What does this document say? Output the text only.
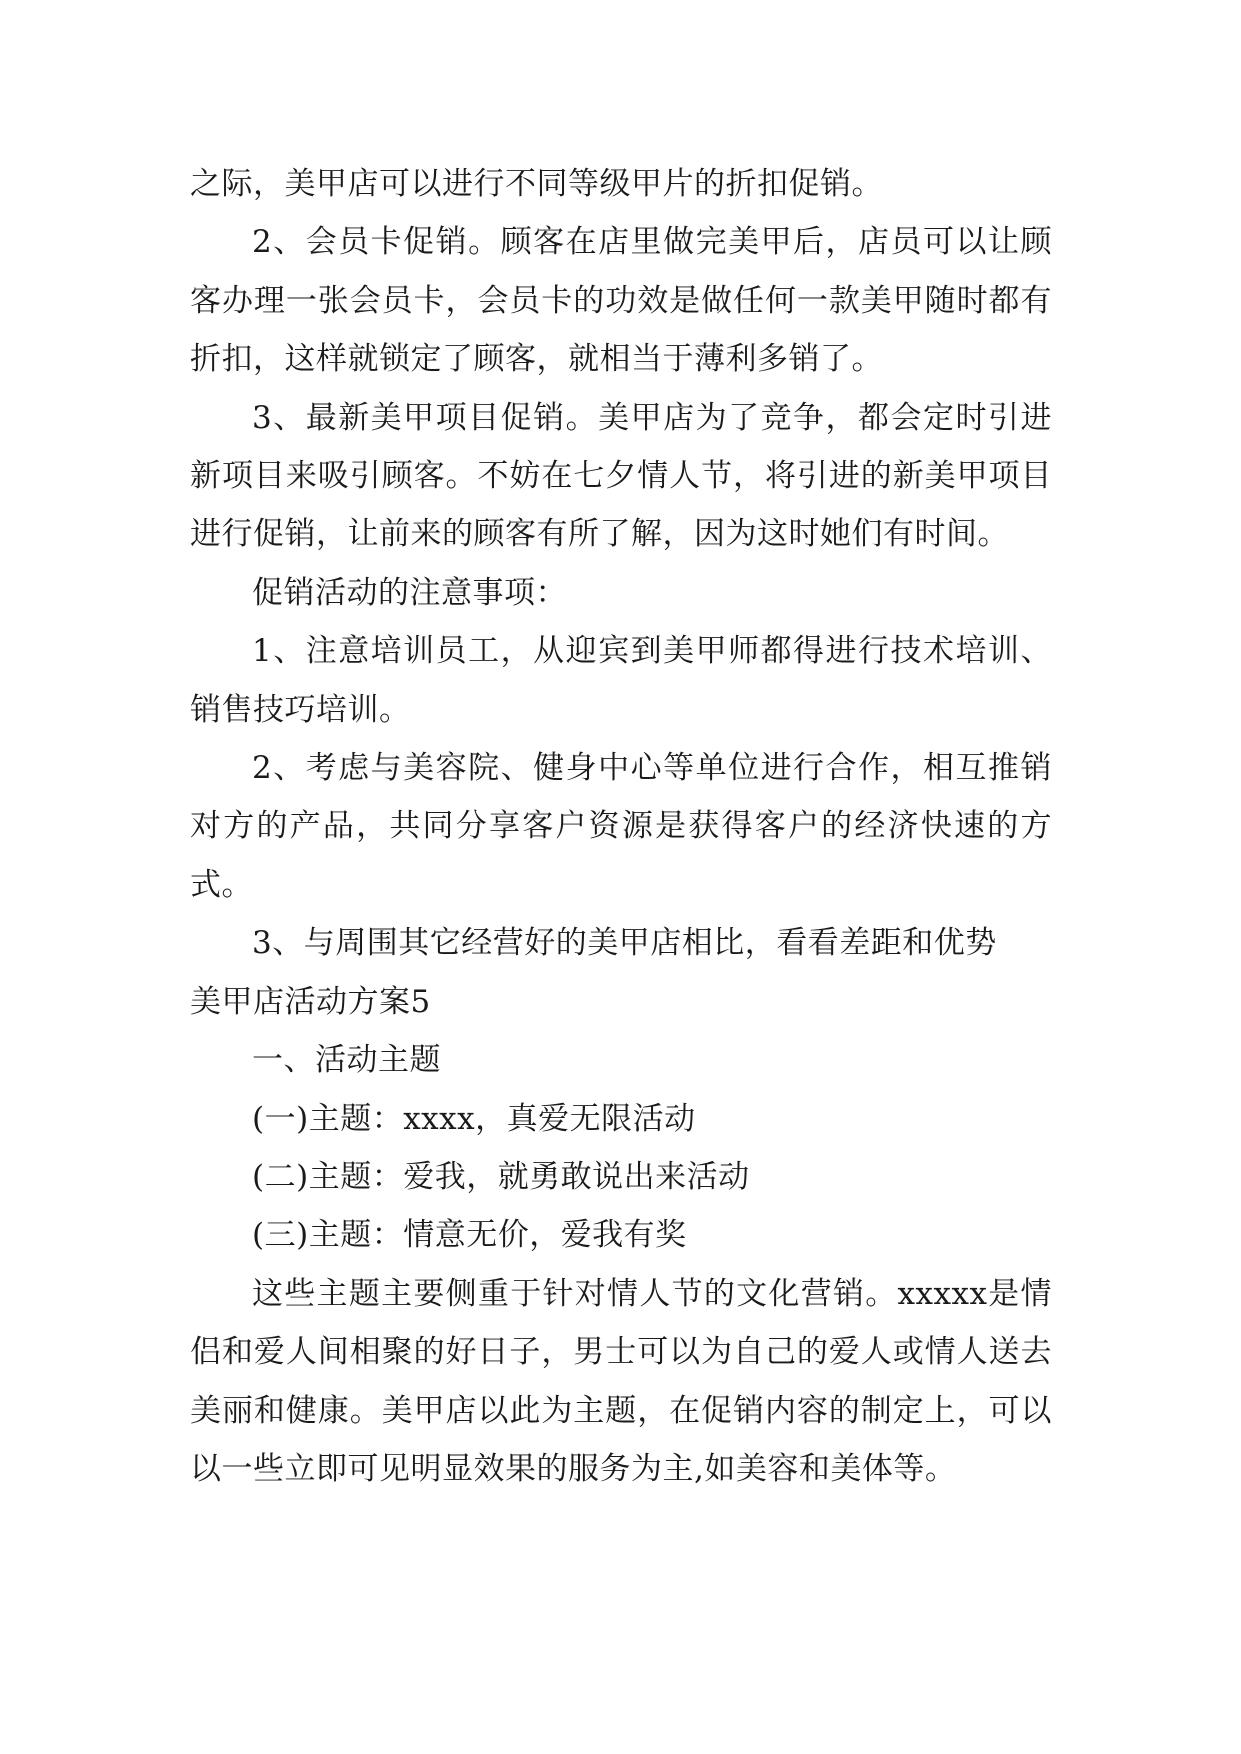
之际，美甲店可以进行不同等级甲片的折扣促销。

2、会员卡促销。顾客在店里做完美甲后，店员可以让顾客办理一张会员卡，会员卡的功效是做任何一款美甲随时都有折扣，这样就锁定了顾客，就相当于薄利多销了。

3、最新美甲项目促销。美甲店为了竞争，都会定时引进新项目来吸引顾客。不妨在七夕情人节，将引进的新美甲项目进行促销，让前来的顾客有所了解，因为这时她们有时间。

促销活动的注意事项：

1、注意培训员工，从迎宾到美甲师都得进行技术培训、销售技巧培训。

2、考虑与美容院、健身中心等单位进行合作，相互推销对方的产品，共同分享客户资源是获得客户的经济快速的方式。

3、与周围其它经营好的美甲店相比，看看差距和优势

美甲店活动方案5

一、活动主题

(一)主题：xxxx，真爱无限活动

(二)主题：爱我，就勇敢说出来活动

(三)主题：情意无价，爱我有奖

这些主题主要侧重于针对情人节的文化营销。xxxxx是情侣和爱人间相聚的好日子，男士可以为自己的爱人或情人送去美丽和健康。美甲店以此为主题，在促销内容的制定上，可以以一些立即可见明显效果的服务为主,如美容和美体等。
